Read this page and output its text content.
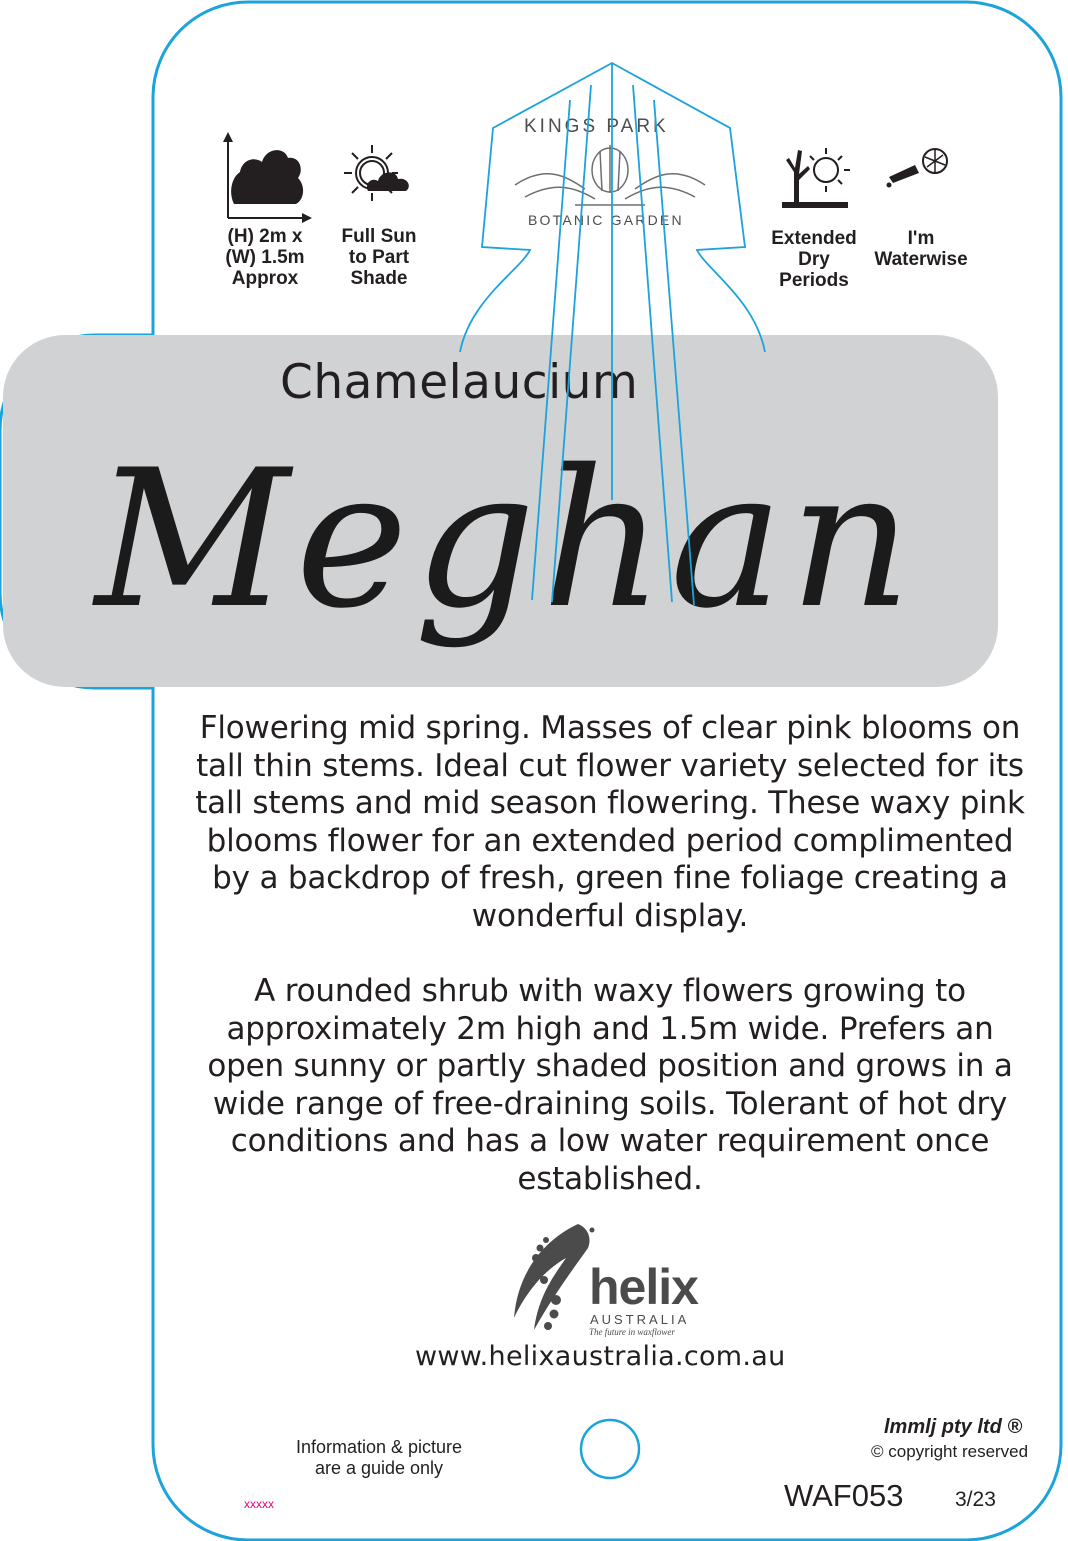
(H) 2m x
(W) 1.5m
Approx
Full Sun
to Part
Shade
Extended
Dry
Periods
I'm
Waterwise
KINGS PARK
BOTANIC GARDEN
Chamelaucium
Meghan
Flowering mid spring. Masses of clear pink blooms on tall thin stems. Ideal cut flower variety selected for its tall stems and mid season flowering. These waxy pink blooms flower for an extended period complimented by a backdrop of fresh, green fine foliage creating a wonderful display.
A rounded shrub with waxy flowers growing to approximately 2m high and 1.5m wide. Prefers an open sunny or partly shaded position and grows in a wide range of free-draining soils. Tolerant of hot dry conditions and has a low water requirement once established.
helix
AUSTRALIA
The future in waxflower
www.helixaustralia.com.au
Information & picture
are a guide only
xxxxx
lmmlj pty ltd ®
© copyright reserved
WAF053 3/23
